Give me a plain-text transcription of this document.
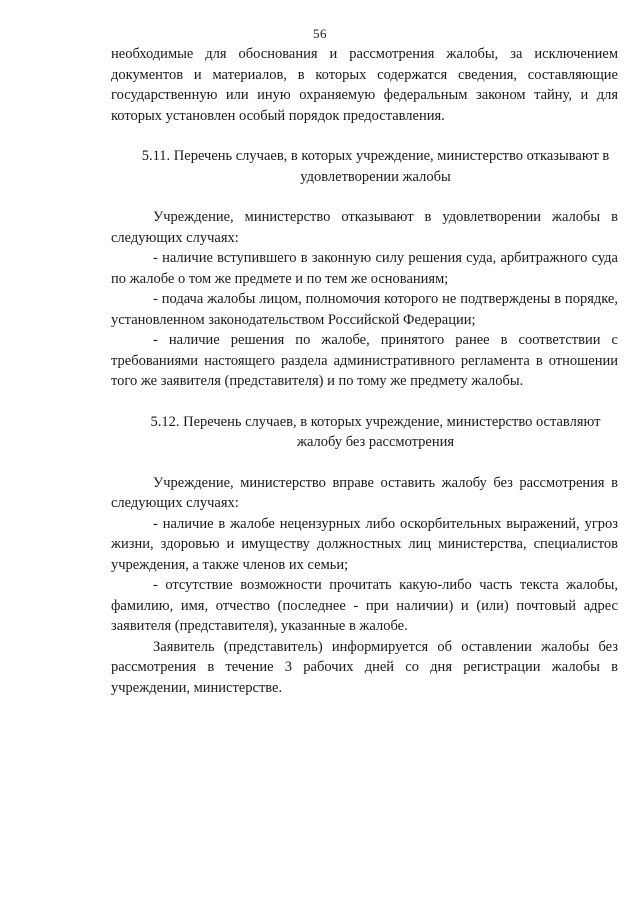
56

необходимые для обоснования и рассмотрения жалобы, за исключением документов и материалов, в которых содержатся сведения, составляющие государственную или иную охраняемую федеральным законом тайну, и для которых установлен особый порядок предоставления.

5.11. Перечень случаев, в которых учреждение, министерство отказывают в удовлетворении жалобы

Учреждение, министерство отказывают в удовлетворении жалобы в следующих случаях:

- наличие вступившего в законную силу решения суда, арбитражного суда по жалобе о том же предмете и по тем же основаниям;

- подача жалобы лицом, полномочия которого не подтверждены в порядке, установленном законодательством Российской Федерации;

- наличие решения по жалобе, принятого ранее в соответствии с требованиями настоящего раздела административного регламента в отношении того же заявителя (представителя) и по тому же предмету жалобы.

5.12. Перечень случаев, в которых учреждение, министерство оставляют жалобу без рассмотрения

Учреждение, министерство вправе оставить жалобу без рассмотрения в следующих случаях:

- наличие в жалобе нецензурных либо оскорбительных выражений, угроз жизни, здоровью и имуществу должностных лиц министерства, специалистов учреждения, а также членов их семьи;

- отсутствие возможности прочитать какую-либо часть текста жалобы, фамилию, имя, отчество (последнее - при наличии) и (или) почтовый адрес заявителя (представителя), указанные в жалобе.

Заявитель (представитель) информируется об оставлении жалобы без рассмотрения в течение 3 рабочих дней со дня регистрации жалобы в учреждении, министерстве.
